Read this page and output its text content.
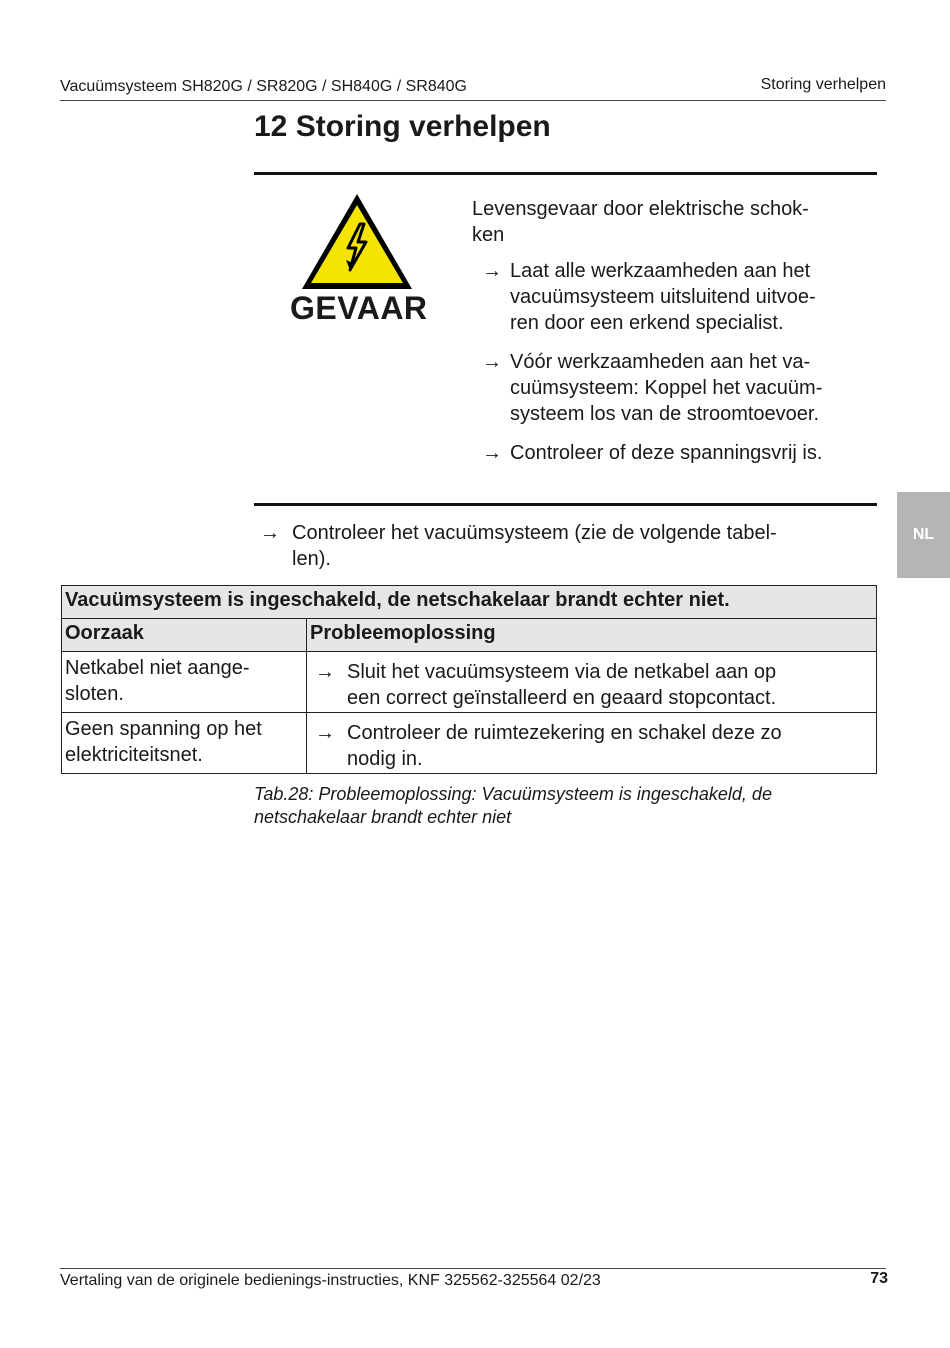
Vacuümsysteem SH820G / SR820G / SH840G / SR840G	Storing verhelpen
12 Storing verhelpen
GEVAAR
Levensgevaar door elektrische schok-
ken
→ Laat alle werkzaamheden aan het
vacuümsysteem uitsluitend uitvoe-
ren door een erkend specialist.
→ Vóór werkzaamheden aan het va-
cuümsysteem: Koppel het vacuüm-
systeem los van de stroomtoevoer.
→ Controleer of deze spanningsvrij is.
→ Controleer het vacuümsysteem (zie de volgende tabel-
len).
Vacuümsysteem is ingeschakeld, de netschakelaar brandt echter niet.	
Oorzaak	Probleemoplossing
Netkabel niet aange-
sloten.	→ Sluit het vacuümsysteem via de netkabel aan op
een correct geïnstalleerd en geaard stopcontact.

Geen spanning op het
elektriciteitsnet.	→ Controleer de ruimtezekering en schakel deze zo
nodig in.
Tab.28: Probleemoplossing: Vacuümsysteem is ingeschakeld, de
netschakelaar brandt echter niet
NL
Vertaling van de originele bedienings-instructies, KNF 325562-325564 02/23	73
